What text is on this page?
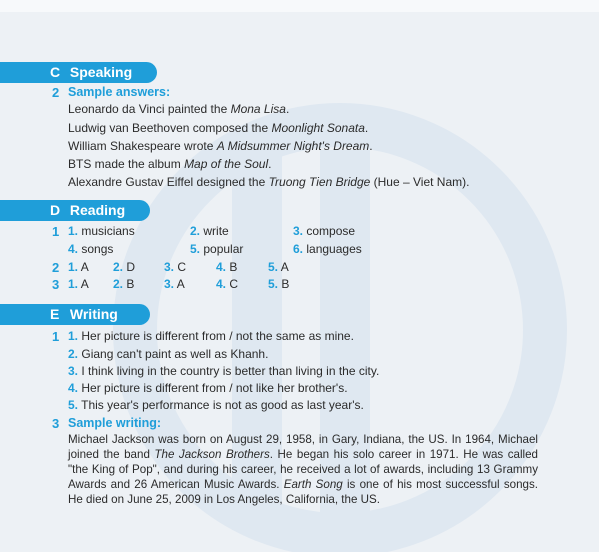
C Speaking
2 Sample answers:
Leonardo da Vinci painted the Mona Lisa.
Ludwig van Beethoven composed the Moonlight Sonata.
William Shakespeare wrote A Midsummer Night's Dream.
BTS made the album Map of the Soul.
Alexandre Gustav Eiffel designed the Truong Tien Bridge (Hue – Viet Nam).
D Reading
1 1. musicians	2. write	3. compose
4. songs	5. popular	6. languages
2 1. A 2. D 3. C 4. B	5. A
3 1. A 2. B 3. A	4. C 5. B
E Writing
1 1. Her picture is different from / not the same as mine.
2. Giang can't paint as well as Khanh.
3. I think living in the country is better than living in the city.
4. Her picture is different from / not like her brother's.
5. This year's performance is not as good as last year's.
3 Sample writing:
Michael Jackson was born on August 29, 1958, in Gary, Indiana, the US. In 1964, Michael joined the band The Jackson Brothers. He began his solo career in 1971. He was called "the King of Pop", and during his career, he received a lot of awards, including 13 Grammy Awards and 26 American Music Awards. Earth Song is one of his most successful songs. He died on June 25, 2009 in Los Angeles, California, the US.
